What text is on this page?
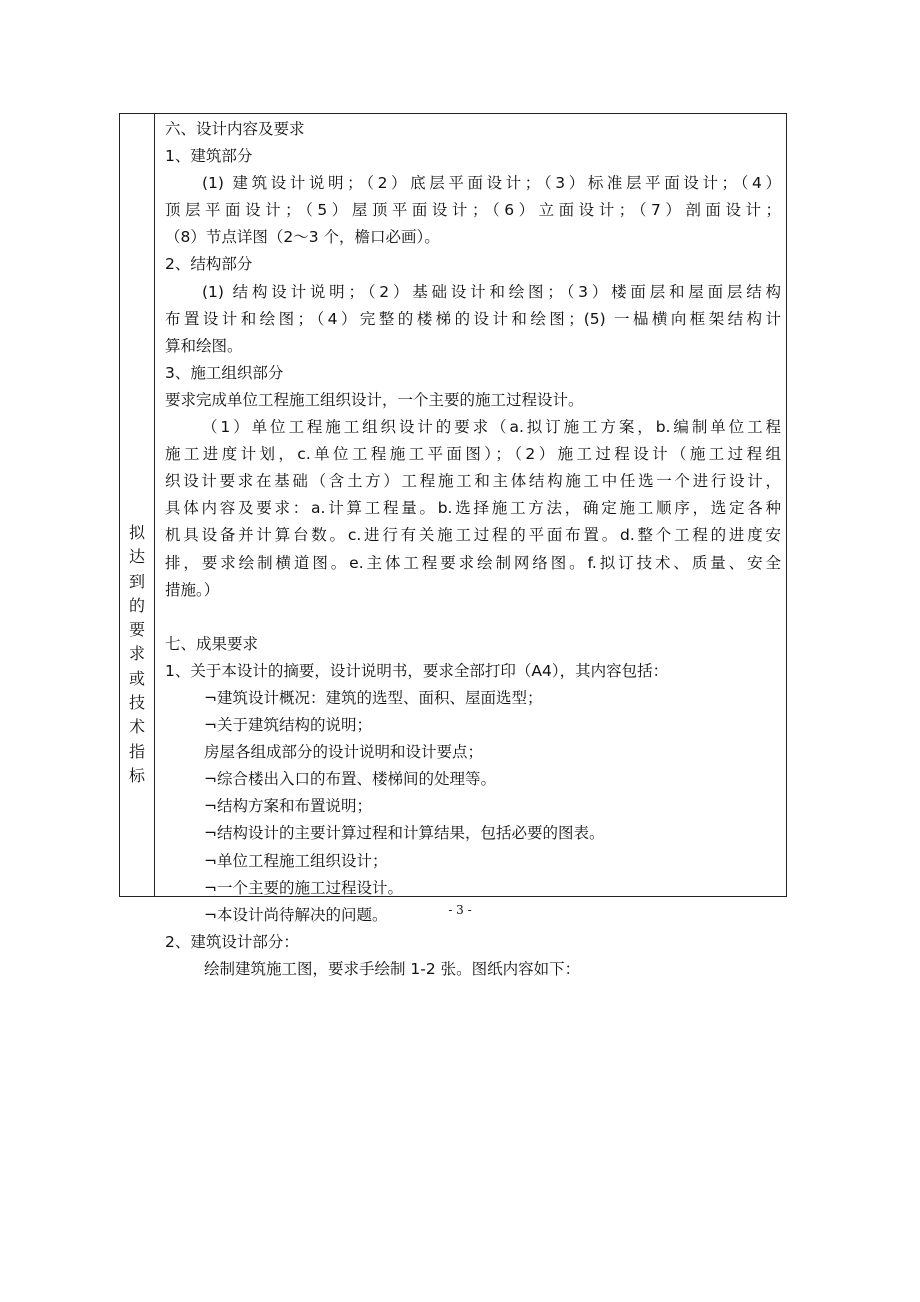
拟
达
到
的
要
求
或
技
术
指
标
六、设计内容及要求
1、建筑部分
(1) 建筑设计说明；（2）底层平面设计；（3）标准层平面设计；（4）
顶层平面设计；（5）屋顶平面设计；（6）立面设计；（7）剖面设计；
（8）节点详图（2～3 个，檐口必画）。
2、结构部分
(1) 结构设计说明；（2）基础设计和绘图；（3）楼面层和屋面层结构
布置设计和绘图；（4）完整的楼梯的设计和绘图；(5) 一榀横向框架结构计
算和绘图。
3、施工组织部分
要求完成单位工程施工组织设计，一个主要的施工过程设计。
（1）单位工程施工组织设计的要求（a.拟订施工方案，b.编制单位工程
施工进度计划，c.单位工程施工平面图）；（2）施工过程设计（施工过程组
织设计要求在基础（含土方）工程施工和主体结构施工中任选一个进行设计，
具体内容及要求：a.计算工程量。b.选择施工方法，确定施工顺序，选定各种
机具设备并计算台数。c.进行有关施工过程的平面布置。d.整个工程的进度安
排，要求绘制横道图。e.主体工程要求绘制网络图。f.拟订技术、质量、安全
措施。）
七、成果要求
1、关于本设计的摘要，设计说明书，要求全部打印（A4），其内容包括：
¬建筑设计概况：建筑的选型、面积、屋面选型；
¬关于建筑结构的说明；
房屋各组成部分的设计说明和设计要点；
¬综合楼出入口的布置、楼梯间的处理等。
¬结构方案和布置说明；
¬结构设计的主要计算过程和计算结果，包括必要的图表。
¬单位工程施工组织设计；
¬一个主要的施工过程设计。
¬本设计尚待解决的问题。
2、建筑设计部分：
绘制建筑施工图，要求手绘制 1-2 张。图纸内容如下：
- 3 -
